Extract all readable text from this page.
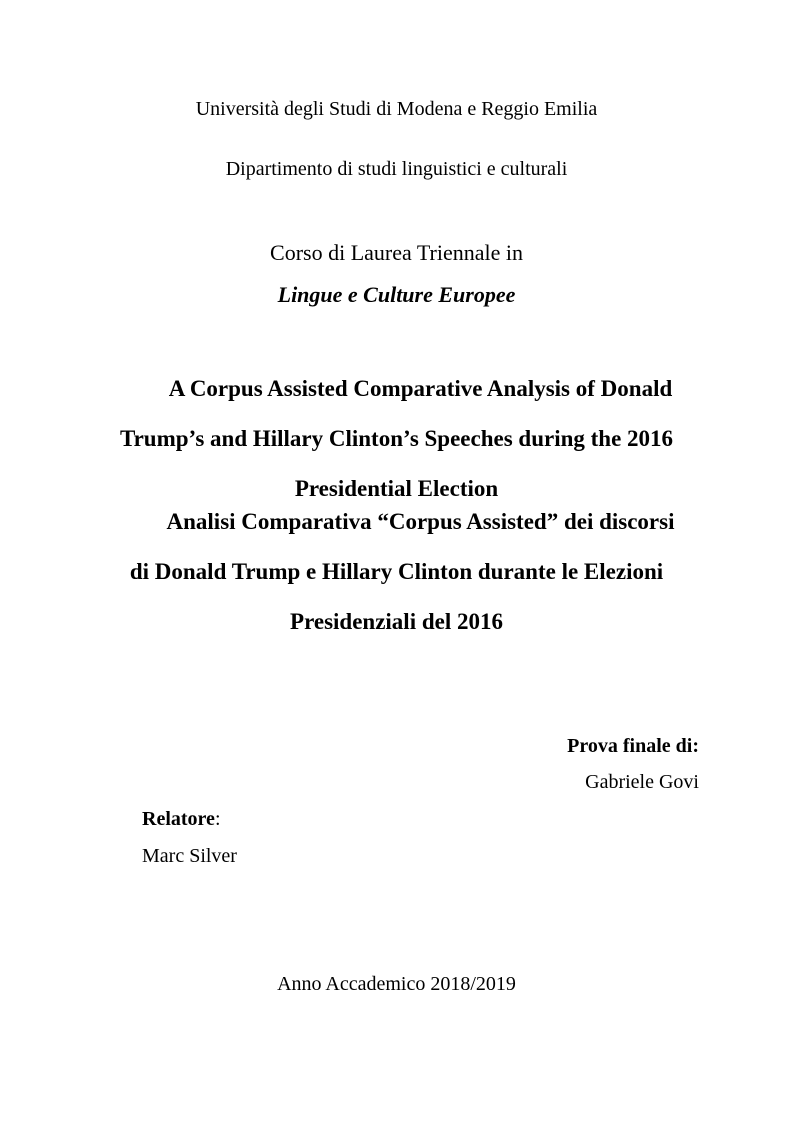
Università degli Studi di Modena e Reggio Emilia
Dipartimento di studi linguistici e culturali
Corso di Laurea Triennale in
Lingue e Culture Europee
A Corpus Assisted Comparative Analysis of Donald
Trump’s and Hillary Clinton’s Speeches during the 2016
Presidential Election
Analisi Comparativa “Corpus Assisted” dei discorsi
di Donald Trump e Hillary Clinton durante le Elezioni
Presidenziali del 2016
Prova finale di:
Gabriele Govi
Relatore:
Marc Silver
Anno Accademico 2018/2019
